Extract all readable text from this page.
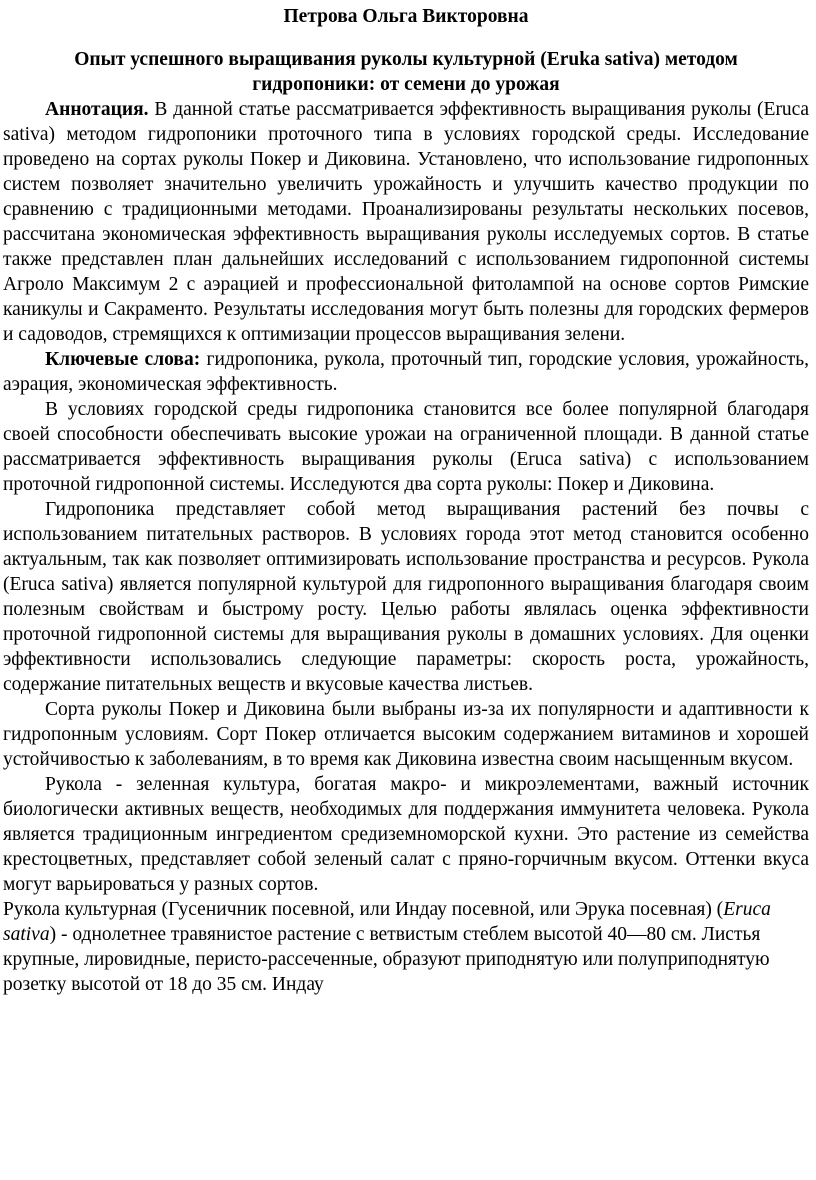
Петрова Ольга Викторовна
Опыт успешного выращивания руколы культурной (Eruka sativa) методом гидропоники: от семени до урожая

Аннотация. В данной статье рассматривается эффективность выращивания руколы (Eruca sativa) методом гидропоники проточного типа в условиях городской среды. Исследование проведено на сортах руколы Покер и Диковина. Установлено, что использование гидропонных систем позволяет значительно увеличить урожайность и улучшить качество продукции по сравнению с традиционными методами. Проанализированы результаты нескольких посевов, рассчитана экономическая эффективность выращивания руколы исследуемых сортов. В статье также представлен план дальнейших исследований с использованием гидропонной системы Агроло Максимум 2 с аэрацией и профессиональной фитолампой на основе сортов Римские каникулы и Сакраменто. Результаты исследования могут быть полезны для городских фермеров и садоводов, стремящихся к оптимизации процессов выращивания зелени.

Ключевые слова: гидропоника, рукола, проточный тип, городские условия, урожайность, аэрация, экономическая эффективность.

В условиях городской среды гидропоника становится все более популярной благодаря своей способности обеспечивать высокие урожаи на ограниченной площади. В данной статье рассматривается эффективность выращивания руколы (Eruca sativa) с использованием проточной гидропонной системы. Исследуются два сорта руколы: Покер и Диковина.

Гидропоника представляет собой метод выращивания растений без почвы с использованием питательных растворов. В условиях города этот метод становится особенно актуальным, так как позволяет оптимизировать использование пространства и ресурсов. Рукола (Eruca sativa) является популярной культурой для гидропонного выращивания благодаря своим полезным свойствам и быстрому росту. Целью работы являлась оценка эффективности проточной гидропонной системы для выращивания руколы в домашних условиях. Для оценки эффективности использовались следующие параметры: скорость роста, урожайность, содержание питательных веществ и вкусовые качества листьев.

Сорта руколы Покер и Диковина были выбраны из-за их популярности и адаптивности к гидропонным условиям. Сорт Покер отличается высоким содержанием витаминов и хорошей устойчивостью к заболеваниям, в то время как Диковина известна своим насыщенным вкусом.

Рукола - зеленная культура, богатая макро- и микроэлементами, важный источник биологически активных веществ, необходимых для поддержания иммунитета человека. Рукола является традиционным ингредиентом средиземноморской кухни. Это растение из семейства крестоцветных, представляет собой зеленый салат с пряно-горчичным вкусом. Оттенки вкуса могут варьироваться у разных сортов.

Рукола культурная (Гусеничник посевной, или Индау посевной, или Эрука посевная) (Eruca sativa) - однолетнее травянистое растение с ветвистым стеблем высотой 40—80 см. Листья крупные, лировидные, перисто-рассеченные, образуют приподнятую или полуприподнятую розетку высотой от 18 до 35 см. Индау
